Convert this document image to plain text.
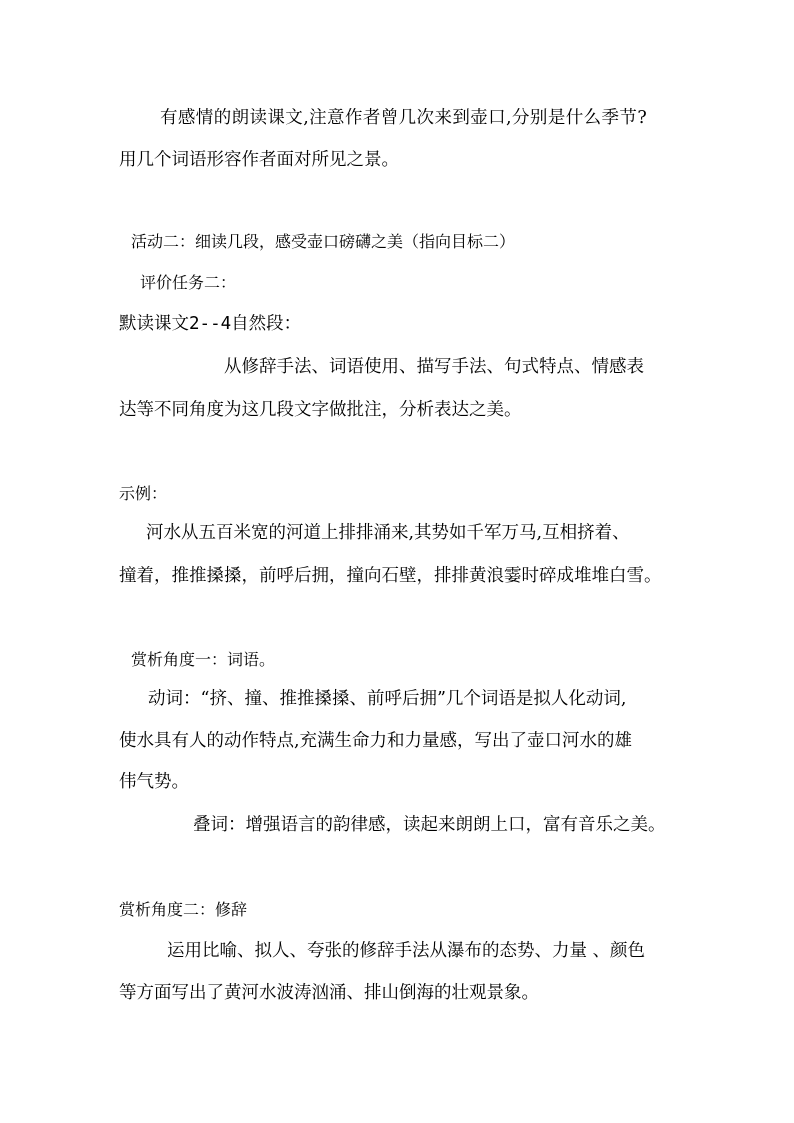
有感情的朗读课文,注意作者曾几次来到壶口,分别是什么季节?

用几个词语形容作者面对所见之景。

活动二：细读几段，感受壶口磅礴之美（指向目标二）

评价任务二：

默读课文2--4自然段：

从修辞手法、词语使用、描写手法、句式特点、情感表

达等不同角度为这几段文字做批注，分析表达之美。

示例：

河水从五百米宽的河道上排排涌来,其势如千军万马,互相挤着、

撞着，推推搡搡，前呼后拥，撞向石壁，排排黄浪霎时碎成堆堆白雪。

赏析角度一：词语。

动词：“挤、撞、推推搡搡、前呼后拥”几个词语是拟人化动词,

使水具有人的动作特点,充满生命力和力量感，写出了壶口河水的雄

伟气势。

叠词：增强语言的韵律感，读起来朗朗上口，富有音乐之美。

赏析角度二：修辞

运用比喻、拟人、夸张的修辞手法从瀑布的态势、力量 、颜色

等方面写出了黄河水波涛汹涌、排山倒海的壮观景象。
